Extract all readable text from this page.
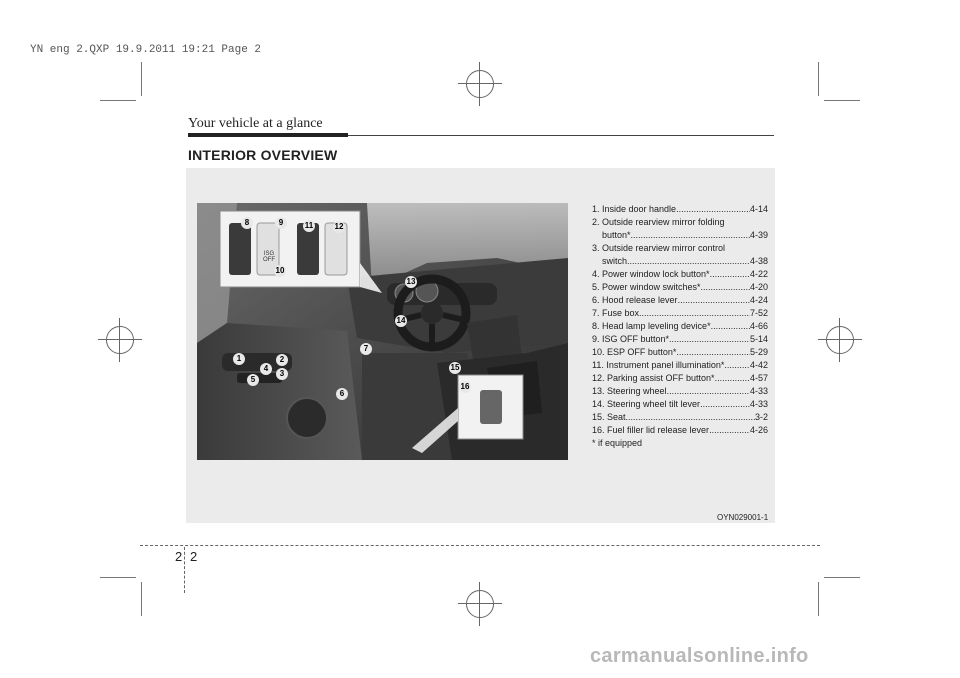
YN eng 2.QXP 19.9.2011 19:21 Page 2
Your vehicle at a glance
INTERIOR OVERVIEW
ISG OFF
1	2
3
4
5
6
7
8	9
10
11	12
13
14
15
16
1. Inside door handle .....	4-14
2. Outside rearview mirror folding
button* .....	4-39
3. Outside rearview mirror control
switch .....	4-38
4. Power window lock button* .....	4-22
5. Power window switches* .....	4-20
6. Hood release lever .....	4-24
7. Fuse box .....	7-52
8. Head lamp leveling device* .....	4-66
9. ISG OFF button* .....	5-14
10. ESP OFF button* .....	5-29
11. Instrument panel illumination* .....	4-42
12. Parking assist OFF button* .....	4-57
13. Steering wheel .....	4-33
14. Steering wheel tilt lever .....	4-33
15. Seat .....	3-2
16. Fuel filler lid release lever .....	4-26
* if equipped
OYN029001-1
2 2
carmanualsonline.info
